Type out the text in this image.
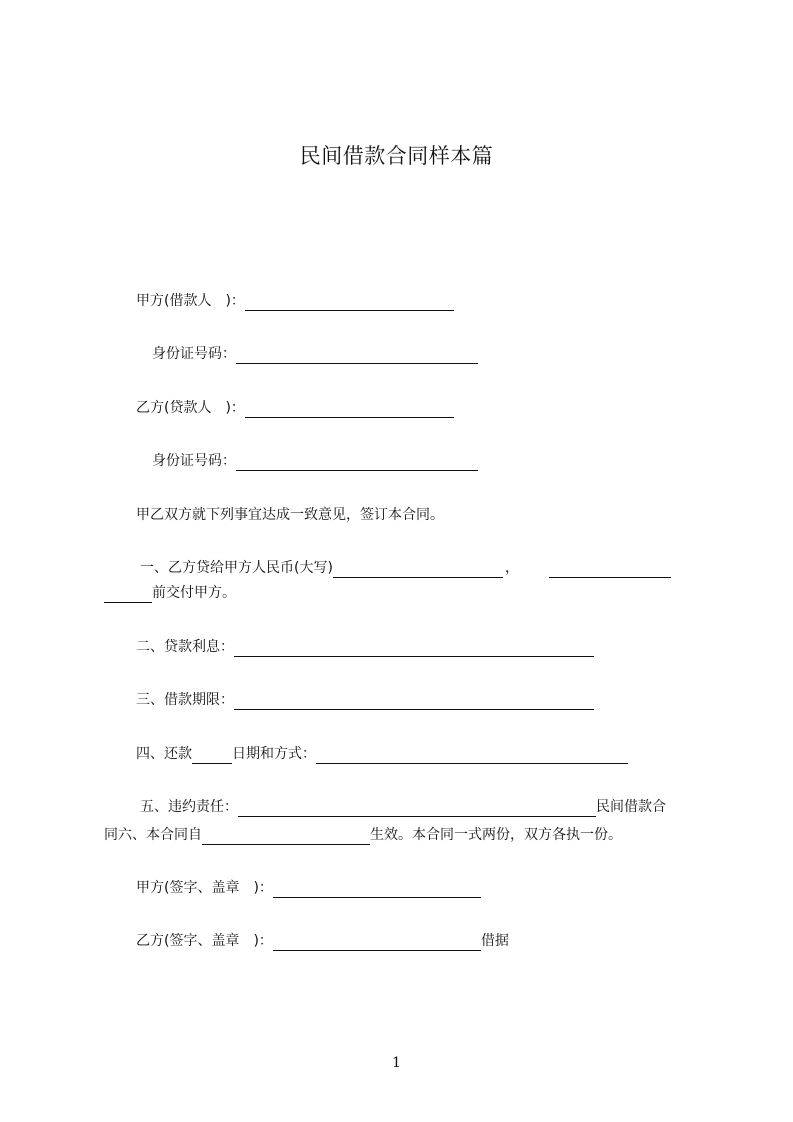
民间借款合同样本篇
甲方(借款人　)：
身份证号码：
乙方(贷款人　)：
身份证号码：
甲乙双方就下列事宜达成一致意见，签订本合同。
一、乙方贷给甲方人民币(大写)	，
前交付甲方。
二、贷款利息：
三、借款期限：
四、还款	日期和方式：
五、违约责任：	民间借款合
同六、本合同自	生效。本合同一式两份，双方各执一份。
甲方(签字、盖章　)：
乙方(签字、盖章　)：	借据
1
